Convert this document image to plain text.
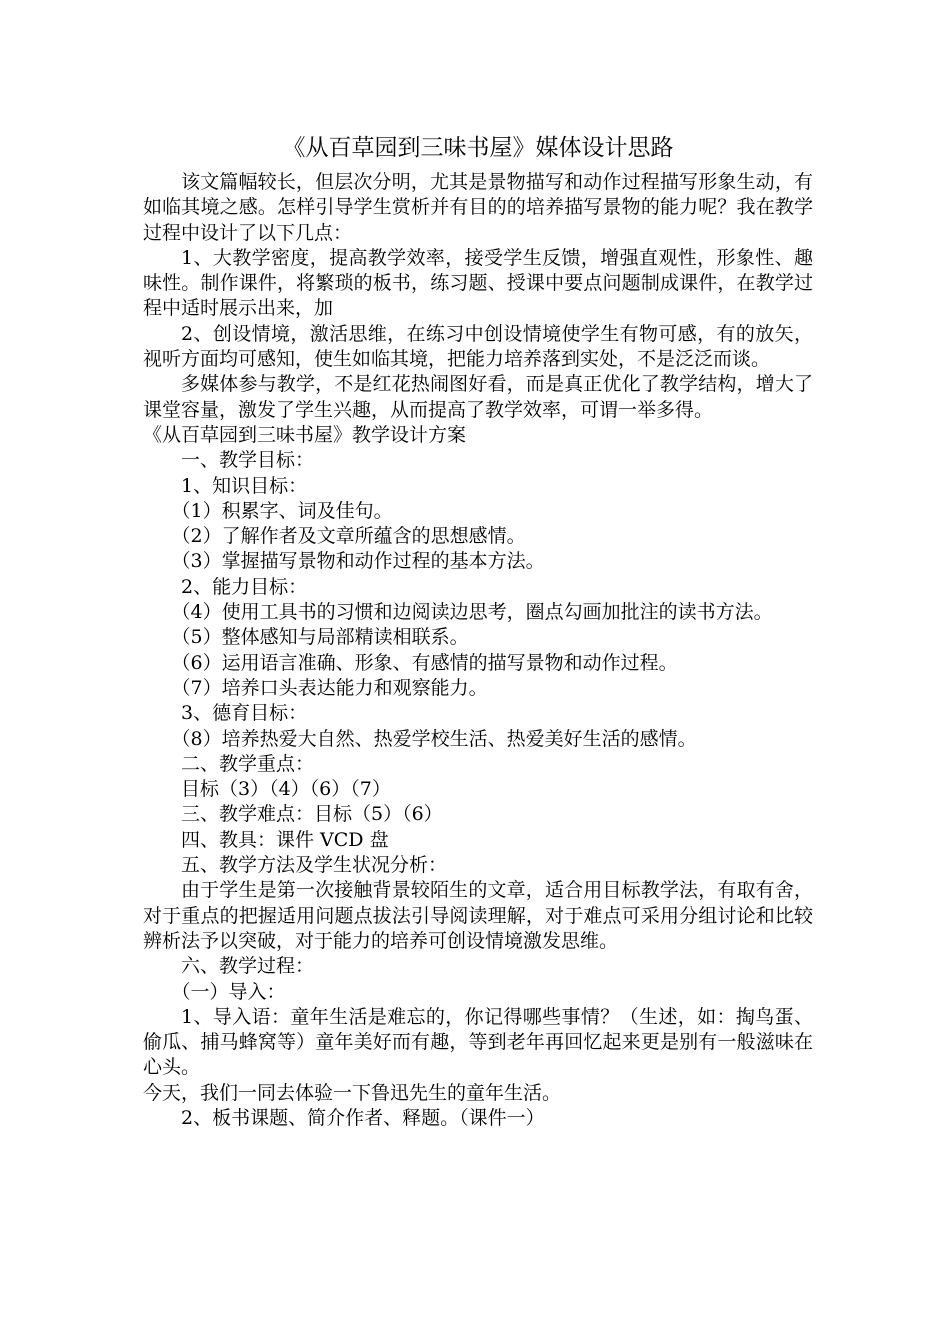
《从百草园到三味书屋》媒体设计思路

该文篇幅较长，但层次分明，尤其是景物描写和动作过程描写形象生动，有如临其境之感。怎样引导学生赏析并有目的的培养描写景物的能力呢？我在教学过程中设计了以下几点：

1、大教学密度，提高教学效率，接受学生反馈，增强直观性，形象性、趣味性。制作课件，将繁琐的板书，练习题、授课中要点问题制成课件，在教学过程中适时展示出来，加

2、创设情境，激活思维，在练习中创设情境使学生有物可感，有的放矢，视听方面均可感知，使生如临其境，把能力培养落到实处，不是泛泛而谈。

多媒体参与教学，不是红花热闹图好看，而是真正优化了教学结构，增大了课堂容量，激发了学生兴趣，从而提高了教学效率，可谓一举多得。

《从百草园到三味书屋》教学设计方案

一、教学目标：

1、知识目标：

（1）积累字、词及佳句。

（2）了解作者及文章所蕴含的思想感情。

（3）掌握描写景物和动作过程的基本方法。

2、能力目标：

（4）使用工具书的习惯和边阅读边思考，圈点勾画加批注的读书方法。

（5）整体感知与局部精读相联系。

（6）运用语言准确、形象、有感情的描写景物和动作过程。

（7）培养口头表达能力和观察能力。

3、德育目标：

（8）培养热爱大自然、热爱学校生活、热爱美好生活的感情。

二、教学重点：

目标（3）（4）（6）（7）

三、教学难点：目标（5）（6）

四、教具：课件 VCD 盘

五、教学方法及学生状况分析：

由于学生是第一次接触背景较陌生的文章，适合用目标教学法，有取有舍，对于重点的把握适用问题点拔法引导阅读理解，对于难点可采用分组讨论和比较辨析法予以突破，对于能力的培养可创设情境激发思维。

六、教学过程：

（一）导入：

1、导入语：童年生活是难忘的，你记得哪些事情？（生述，如：掏鸟蛋、偷瓜、捕马蜂窝等）童年美好而有趣，等到老年再回忆起来更是别有一般滋味在心头。

今天，我们一同去体验一下鲁迅先生的童年生活。

2、板书课题、简介作者、释题。（课件一）
